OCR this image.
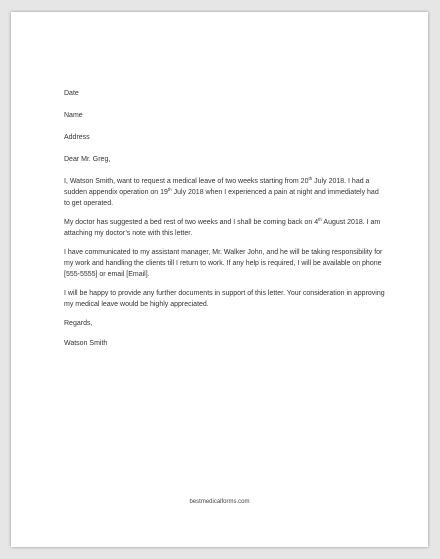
Date
Name
Address
Dear Mr. Greg,

I, Watson Smith, want to request a medical leave of two weeks starting from 20th July 2018. I had a sudden appendix operation on 19th July 2018 when I experienced a pain at night and immediately had to get operated.

My doctor has suggested a bed rest of two weeks and I shall be coming back on 4th August 2018. I am attaching my doctor’s note with this letter.

I have communicated to my assistant manager, Mr. Walker John, and he will be taking responsibility for my work and handling the clients till I return to work. If any help is required, I will be available on phone [555-5555] or email [Email].

I will be happy to provide any further documents in support of this letter. Your consideration in approving my medical leave would be highly appreciated.

Regards,
Watson Smith
bestmedicalforms.com
